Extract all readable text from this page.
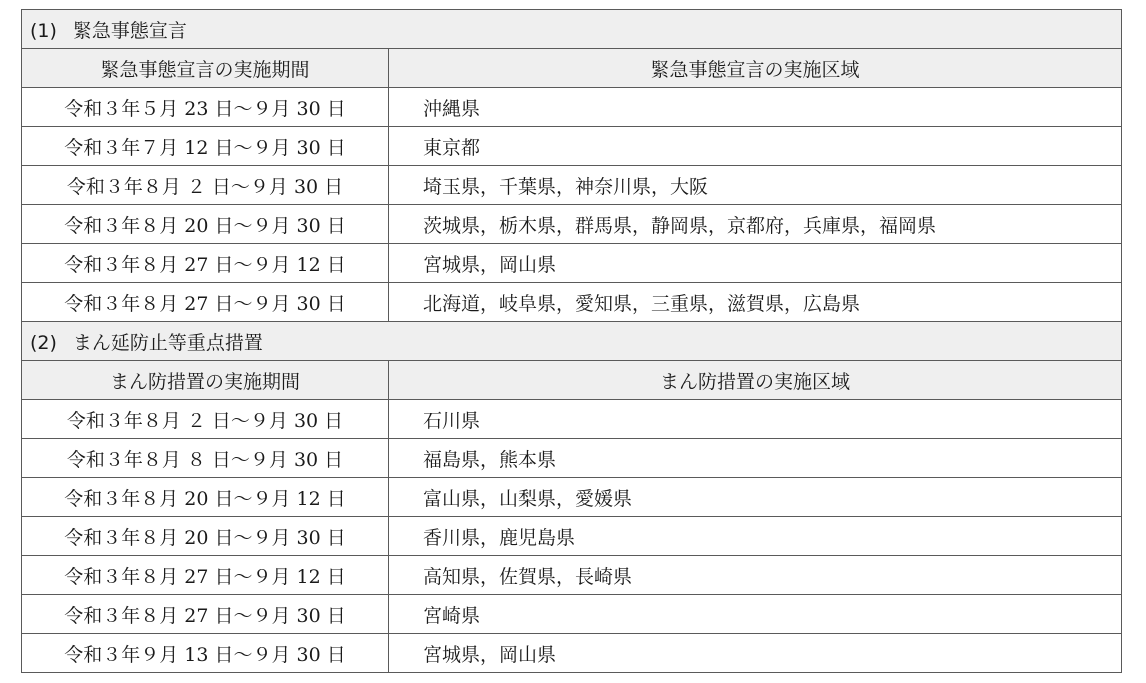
(1) 緊急事態宣言	
緊急事態宣言の実施期間	緊急事態宣言の実施区域
令和３年５月 23 日～９月 30 日	沖縄県
令和３年７月 12 日～９月 30 日	東京都
令和３年８月 ２ 日～９月 30 日	埼玉県，千葉県，神奈川県，大阪
令和３年８月 20 日～９月 30 日	茨城県，栃木県，群馬県，静岡県，京都府，兵庫県，福岡県
令和３年８月 27 日～９月 12 日	宮城県，岡山県
令和３年８月 27 日～９月 30 日	北海道，岐阜県，愛知県，三重県，滋賀県，広島県
(2) まん延防止等重点措置	
まん防措置の実施期間	まん防措置の実施区域
令和３年８月 ２ 日～９月 30 日	石川県
令和３年８月 ８ 日～９月 30 日	福島県，熊本県
令和３年８月 20 日～９月 12 日	富山県，山梨県，愛媛県
令和３年８月 20 日～９月 30 日	香川県，鹿児島県
令和３年８月 27 日～９月 12 日	高知県，佐賀県，長崎県
令和３年８月 27 日～９月 30 日	宮崎県
令和３年９月 13 日～９月 30 日	宮城県，岡山県
